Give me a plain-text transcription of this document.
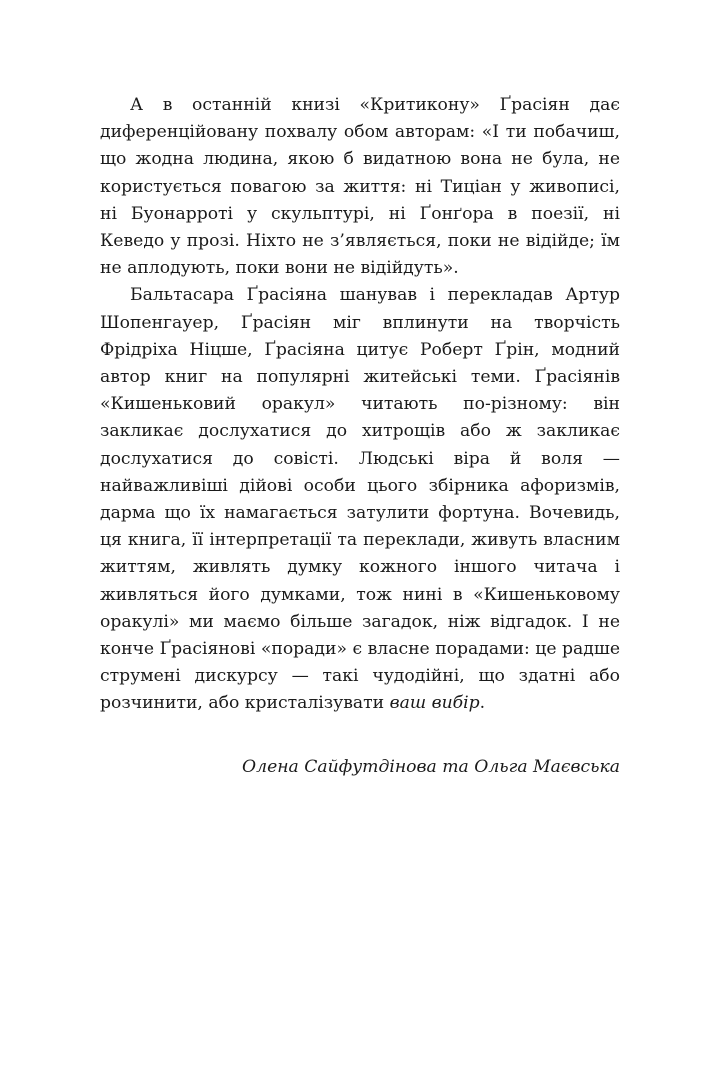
А в останній книзі «Критикону» Ґрасіян дає диференційовану похвалу обом авторам: «І ти побачиш, що жодна людина, якою б видатною вона не була, не користується повагою за життя: ні Тиціан у живописі, ні Буонарроті у скульптурі, ні Ґонґора в поезії, ні Кеведо у прозі. Ніхто не з’являється, поки не відійде; їм не аплодують, поки вони не відійдуть».

Бальтасара Ґрасіяна шанував і перекладав Артур Шопенгауер, Ґрасіян міг вплинути на творчість Фрідріха Ніцше, Ґрасіяна цитує Роберт Ґрін, модний автор книг на популярні житейські теми. Ґрасіянів «Кишеньковий оракул» читають по-різному: він закликає дослухатися до хитрощів або ж закликає дослухатися до совісті. Людські віра й воля — найважливіші дійові особи цього збірника афоризмів, дарма що їх намагається затулити фортуна. Вочевидь, ця книга, її інтерпретації та переклади, живуть власним життям, живлять думку кожного іншого читача і живляться його думками, тож нині в «Кишеньковому оракулі» ми маємо більше загадок, ніж відгадок. І не конче Ґрасіянові «поради» є власне порадами: це радше струмені дискурсу — такі чудодійні, що здатні або розчинити, або кристалізувати ваш вибір.

Олена Сайфутдінова та Ольга Маєвська
